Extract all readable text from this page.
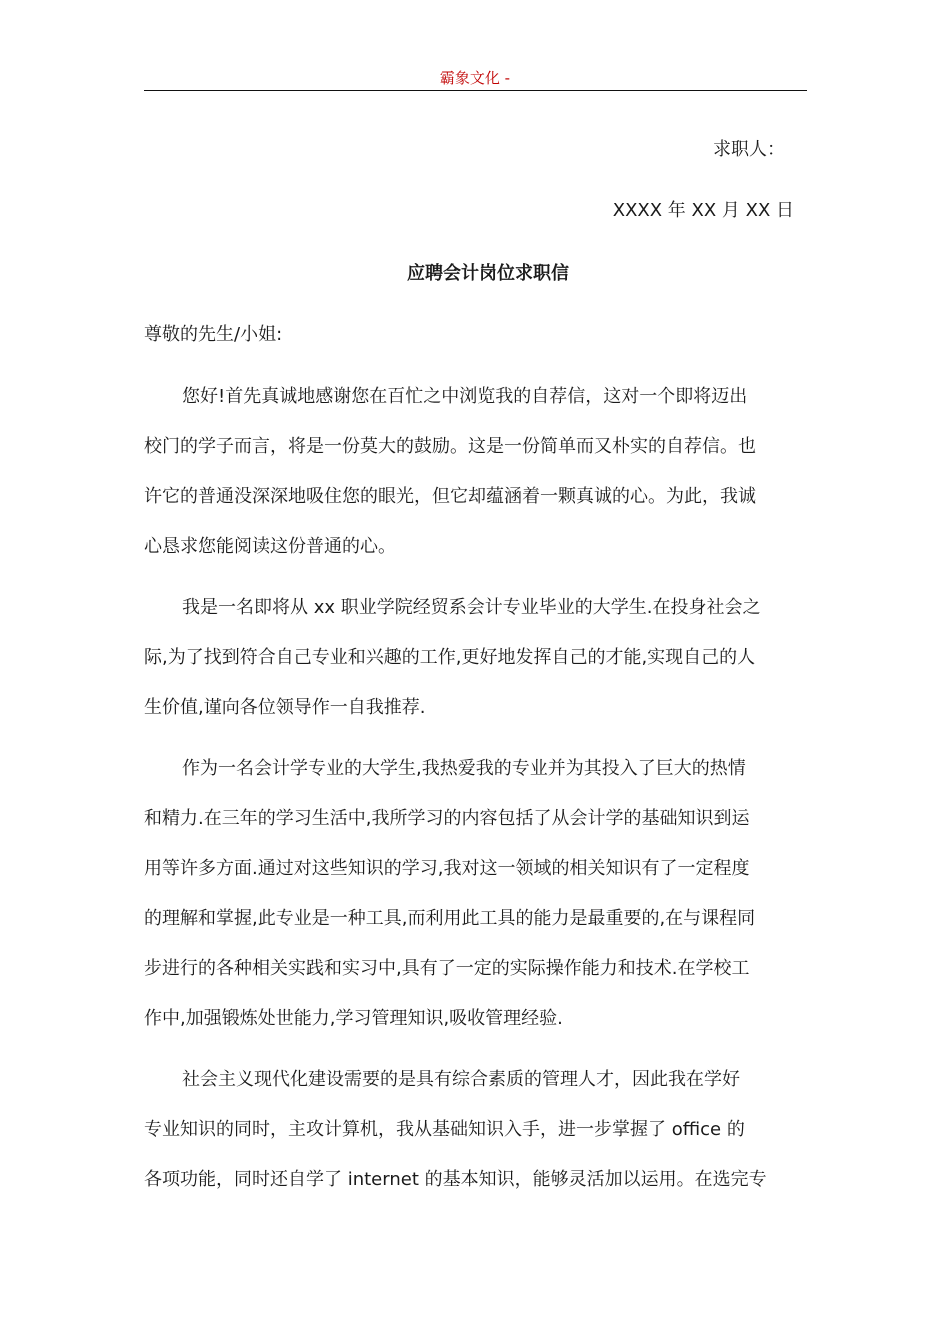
霸象文化 -
求职人：
XXXX 年 XX 月 XX 日
应聘会计岗位求职信
尊敬的先生/小姐:
您好!首先真诚地感谢您在百忙之中浏览我的自荐信，这对一个即将迈出
校门的学子而言，将是一份莫大的鼓励。这是一份简单而又朴实的自荐信。也
许它的普通没深深地吸住您的眼光，但它却蕴涵着一颗真诚的心。为此，我诚
心恳求您能阅读这份普通的心。
我是一名即将从 xx 职业学院经贸系会计专业毕业的大学生.在投身社会之
际,为了找到符合自己专业和兴趣的工作,更好地发挥自己的才能,实现自己的人
生价值,谨向各位领导作一自我推荐.
作为一名会计学专业的大学生,我热爱我的专业并为其投入了巨大的热情
和精力.在三年的学习生活中,我所学习的内容包括了从会计学的基础知识到运
用等许多方面.通过对这些知识的学习,我对这一领域的相关知识有了一定程度
的理解和掌握,此专业是一种工具,而利用此工具的能力是最重要的,在与课程同
步进行的各种相关实践和实习中,具有了一定的实际操作能力和技术.在学校工
作中,加强锻炼处世能力,学习管理知识,吸收管理经验.
社会主义现代化建设需要的是具有综合素质的管理人才，因此我在学好
专业知识的同时，主攻计算机，我从基础知识入手，进一步掌握了 office 的
各项功能，同时还自学了 internet 的基本知识，能够灵活加以运用。在选完专
